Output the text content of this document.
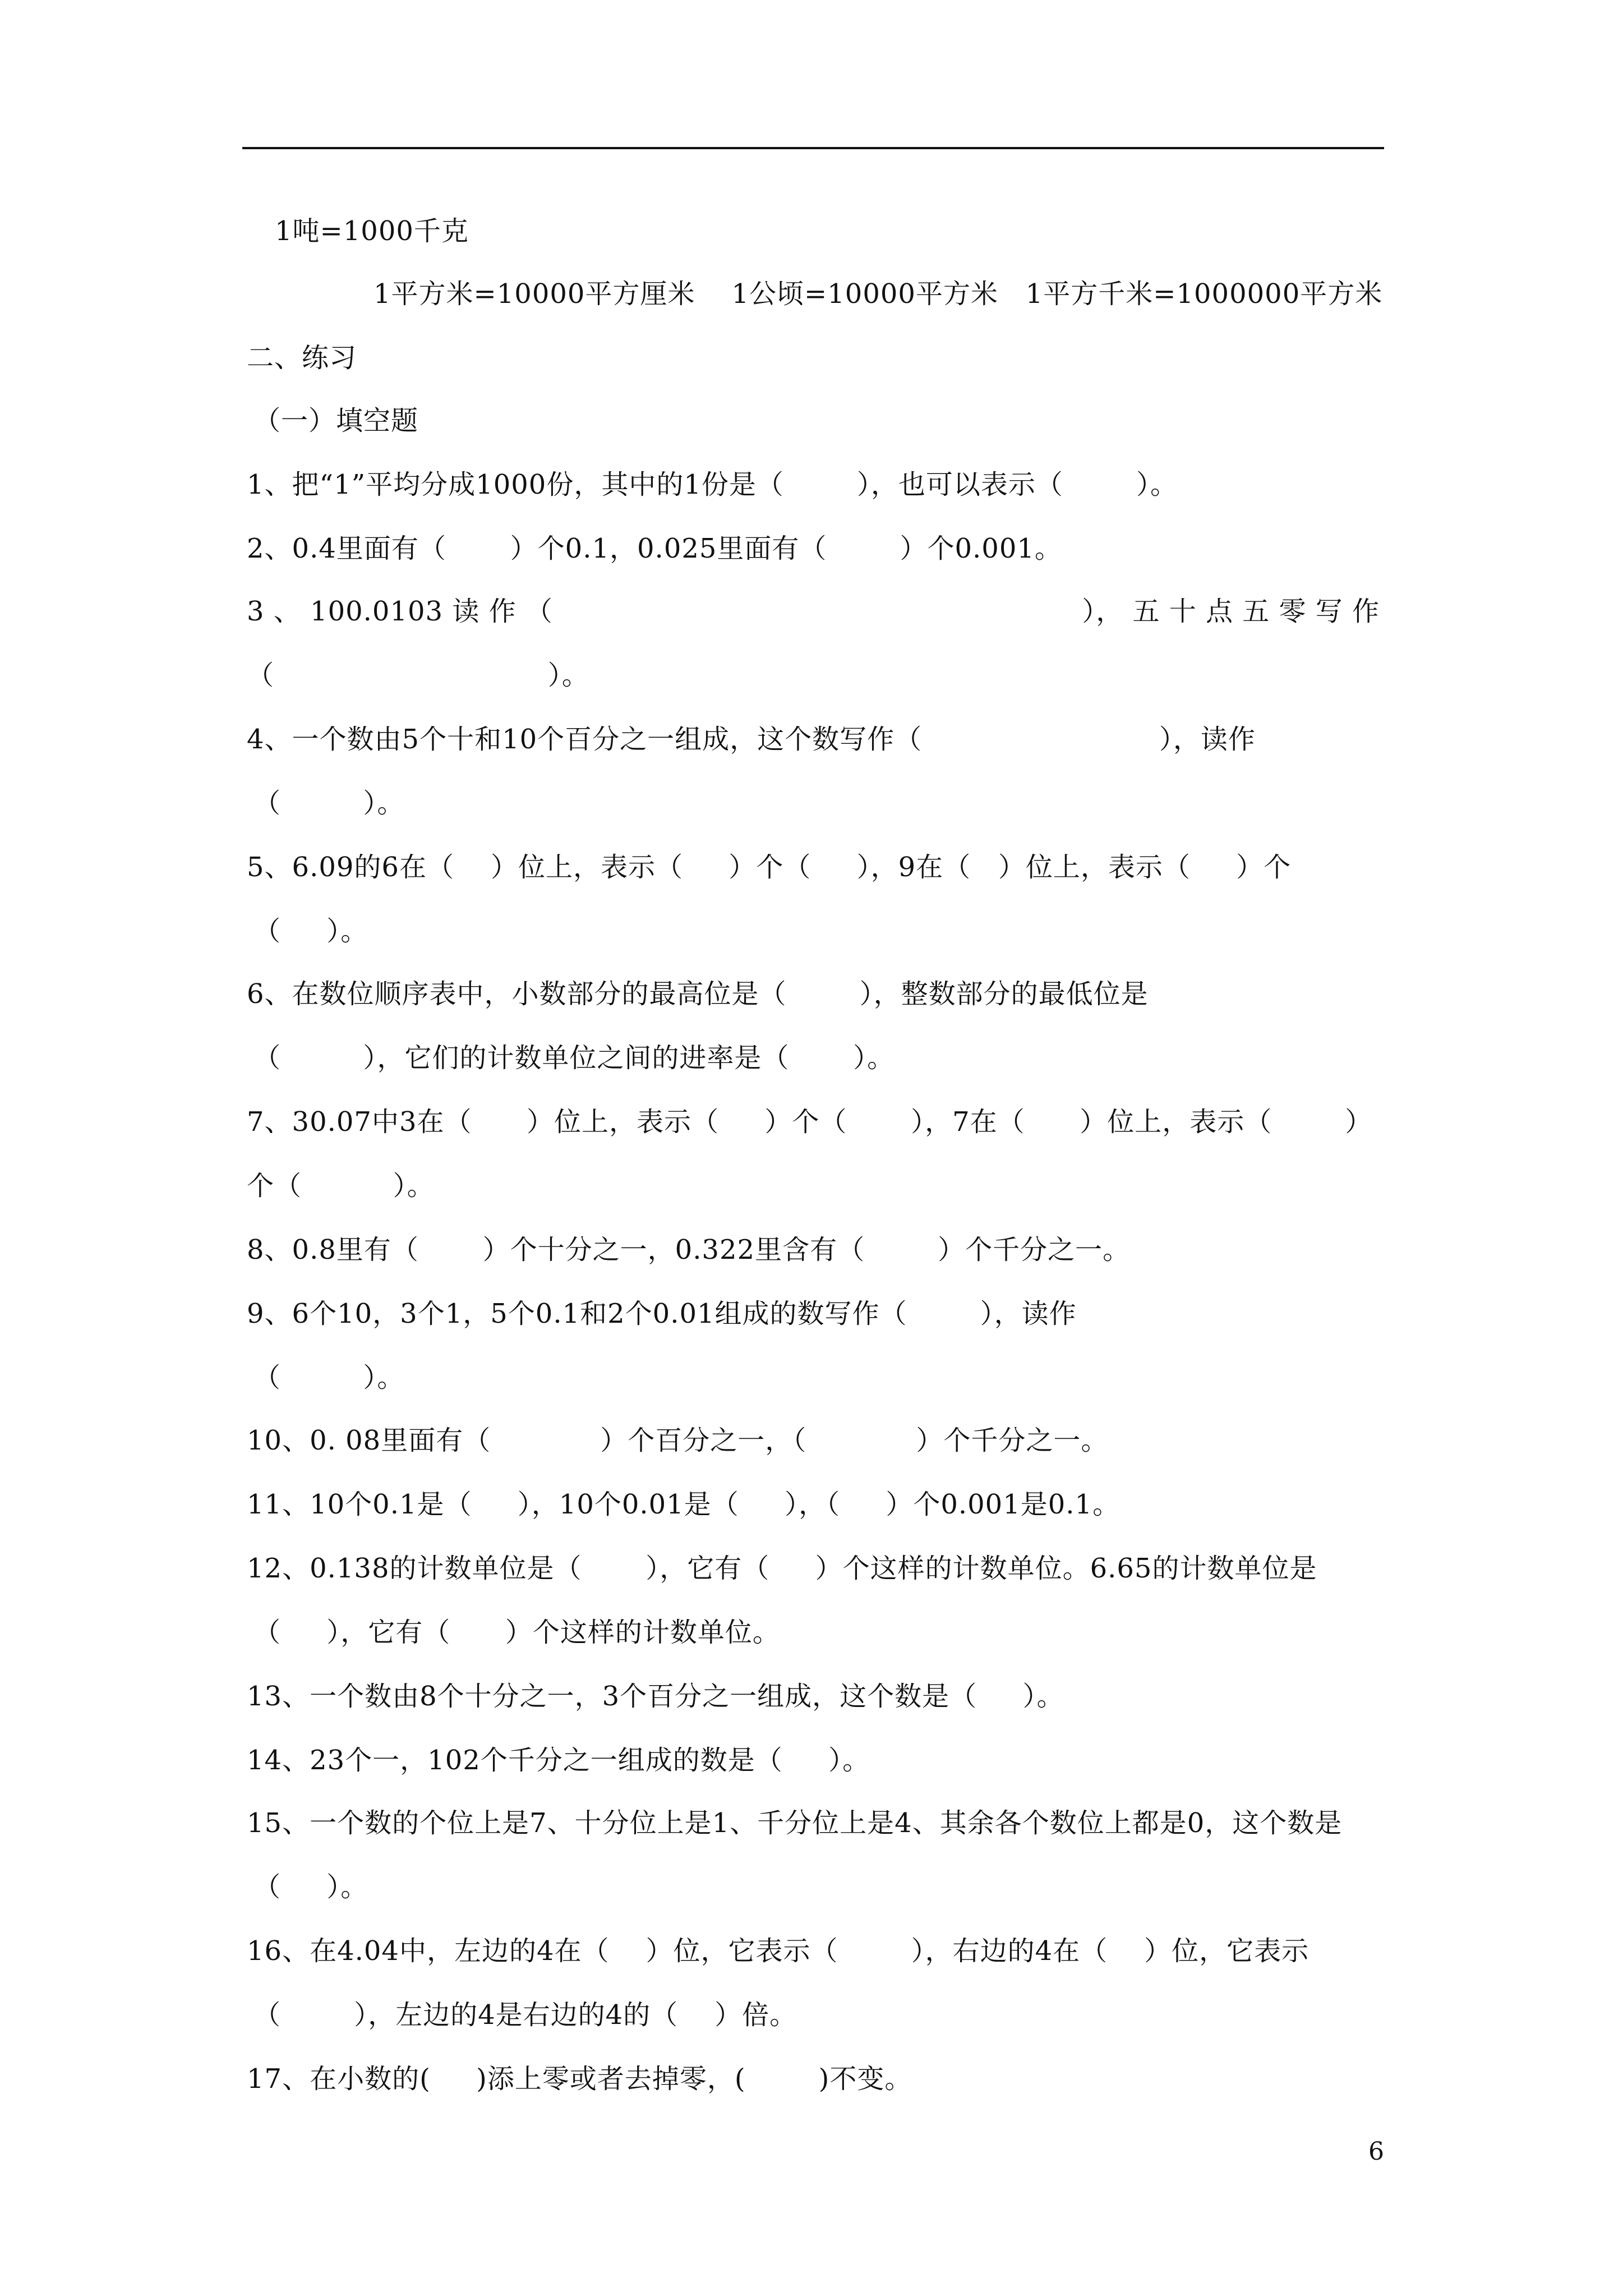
1吨=1000千克
1平方米=10000平方厘米    1公顷=10000平方米   1平方千米=1000000平方米
二、练习
（一）填空题
1、把“1”平均分成1000份，其中的1份是（        ），也可以表示（        ）。
2、0.4里面有（       ）个0.1，0.025里面有（        ）个0.001。
3 、 100.0103 读 作 （	）， 五 十 点 五 零 写 作
（                              ）。
4、一个数由5个十和10个百分之一组成，这个数写作（                          ），读作
（         ）。
5、6.09的6在（    ）位上，表示（     ）个（     ），9在（   ）位上，表示（     ）个
（     ）。
6、在数位顺序表中，小数部分的最高位是（        ），整数部分的最低位是
（         ），它们的计数单位之间的进率是（       ）。
7、30.07中3在（      ）位上，表示（     ）个（       ），7在（      ）位上，表示（        ）
个（          ）。
8、0.8里有（       ）个十分之一，0.322里含有（        ）个千分之一。
9、6个10，3个1，5个0.1和2个0.01组成的数写作（        ），读作
（         ）。
10、0. 08里面有（            ）个百分之一，（            ）个千分之一。
11、10个0.1是（     ），10个0.01是（     ），（     ）个0.001是0.1。
12、0.138的计数单位是（       ），它有（     ）个这样的计数单位。6.65的计数单位是
（     ），它有（      ）个这样的计数单位。
13、一个数由8个十分之一，3个百分之一组成，这个数是（     ）。
14、23个一，102个千分之一组成的数是（     ）。
15、一个数的个位上是7、十分位上是1、千分位上是4、其余各个数位上都是0，这个数是
（     ）。
16、在4.04中，左边的4在（    ）位，它表示（        ），右边的4在（    ）位，它表示
（        ），左边的4是右边的4的（    ）倍。
17、在小数的(     )添上零或者去掉零，(        )不变。
6
